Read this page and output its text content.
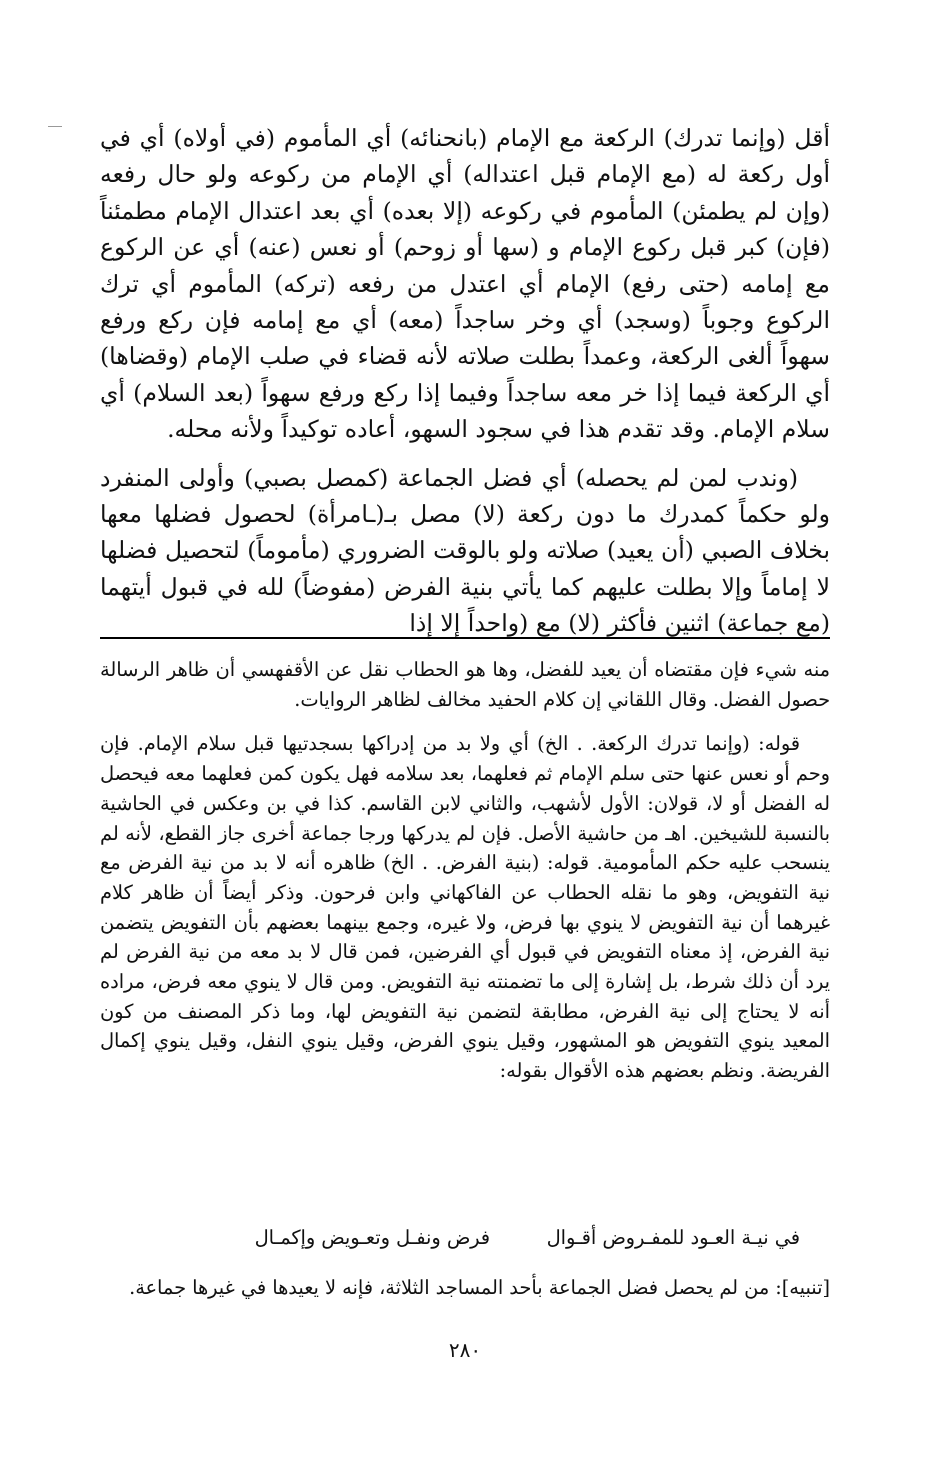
أقل (وإنما تدرك) الركعة مع الإمام (بانحنائه) أي المأموم (في أولاه) أي في أول ركعة له (مع الإمام قبل اعتداله) أي الإمام من ركوعه ولو حال رفعه (وإن لم يطمئن) المأموم في ركوعه (إلا بعده) أي بعد اعتدال الإمام مطمئناً (فإن) كبر قبل ركوع الإمام و (سها أو زوحم) أو نعس (عنه) أي عن الركوع مع إمامه (حتى رفع) الإمام أي اعتدل من رفعه (تركه) المأموم أي ترك الركوع وجوباً (وسجد) أي وخر ساجداً (معه) أي مع إمامه فإن ركع ورفع سهواً ألغى الركعة، وعمداً بطلت صلاته لأنه قضاء في صلب الإمام (وقضاها) أي الركعة فيما إذا خر معه ساجداً وفيما إذا ركع ورفع سهواً (بعد السلام) أي سلام الإمام. وقد تقدم هذا في سجود السهو، أعاده توكيداً ولأنه محله.

(وندب لمن لم يحصله) أي فضل الجماعة (كمصل بصبي) وأولى المنفرد ولو حكماً كمدرك ما دون ركعة (لا) مصل بـ(ـامرأة) لحصول فضلها معها بخلاف الصبي (أن يعيد) صلاته ولو بالوقت الضروري (مأموماً) لتحصيل فضلها لا إماماً وإلا بطلت عليهم كما يأتي بنية الفرض (مفوضاً) لله في قبول أيتهما (مع جماعة) اثنين فأكثر (لا) مع (واحداً إلا إذا

منه شيء فإن مقتضاه أن يعيد للفضل، وها هو الحطاب نقل عن الأقفهسي أن ظاهر الرسالة حصول الفضل. وقال اللقاني إن كلام الحفيد مخالف لظاهر الروايات.

قوله: (وإنما تدرك الركعة. . الخ) أي ولا بد من إدراكها بسجدتيها قبل سلام الإمام. فإن وحم أو نعس عنها حتى سلم الإمام ثم فعلهما، بعد سلامه فهل يكون كمن فعلهما معه فيحصل له الفضل أو لا، قولان: الأول لأشهب، والثاني لابن القاسم. كذا في بن وعكس في الحاشية بالنسبة للشيخين. اهـ من حاشية الأصل. فإن لم يدركها ورجا جماعة أخرى جاز القطع، لأنه لم ينسحب عليه حكم المأمومية. قوله: (بنية الفرض. . الخ) ظاهره أنه لا بد من نية الفرض مع نية التفويض، وهو ما نقله الحطاب عن الفاكهاني وابن فرحون. وذكر أيضاً أن ظاهر كلام غيرهما أن نية التفويض لا ينوي بها فرض، ولا غيره، وجمع بينهما بعضهم بأن التفويض يتضمن نية الفرض، إذ معناه التفويض في قبول أي الفرضين، فمن قال لا بد معه من نية الفرض لم يرد أن ذلك شرط، بل إشارة إلى ما تضمنته نية التفويض. ومن قال لا ينوي معه فرض، مراده أنه لا يحتاج إلى نية الفرض، مطابقة لتضمن نية التفويض لها، وما ذكر المصنف من كون المعيد ينوي التفويض هو المشهور، وقيل ينوي الفرض، وقيل ينوي النفل، وقيل ينوي إكمال الفريضة. ونظم بعضهم هذه الأقوال بقوله:

في نيـة العـود للمفـروض أقـوال
فرض ونفـل وتعـويض وإكمـال
[تنبيه]: من لم يحصل فضل الجماعة بأحد المساجد الثلاثة، فإنه لا يعيدها في غيرها جماعة.
٢٨٠
